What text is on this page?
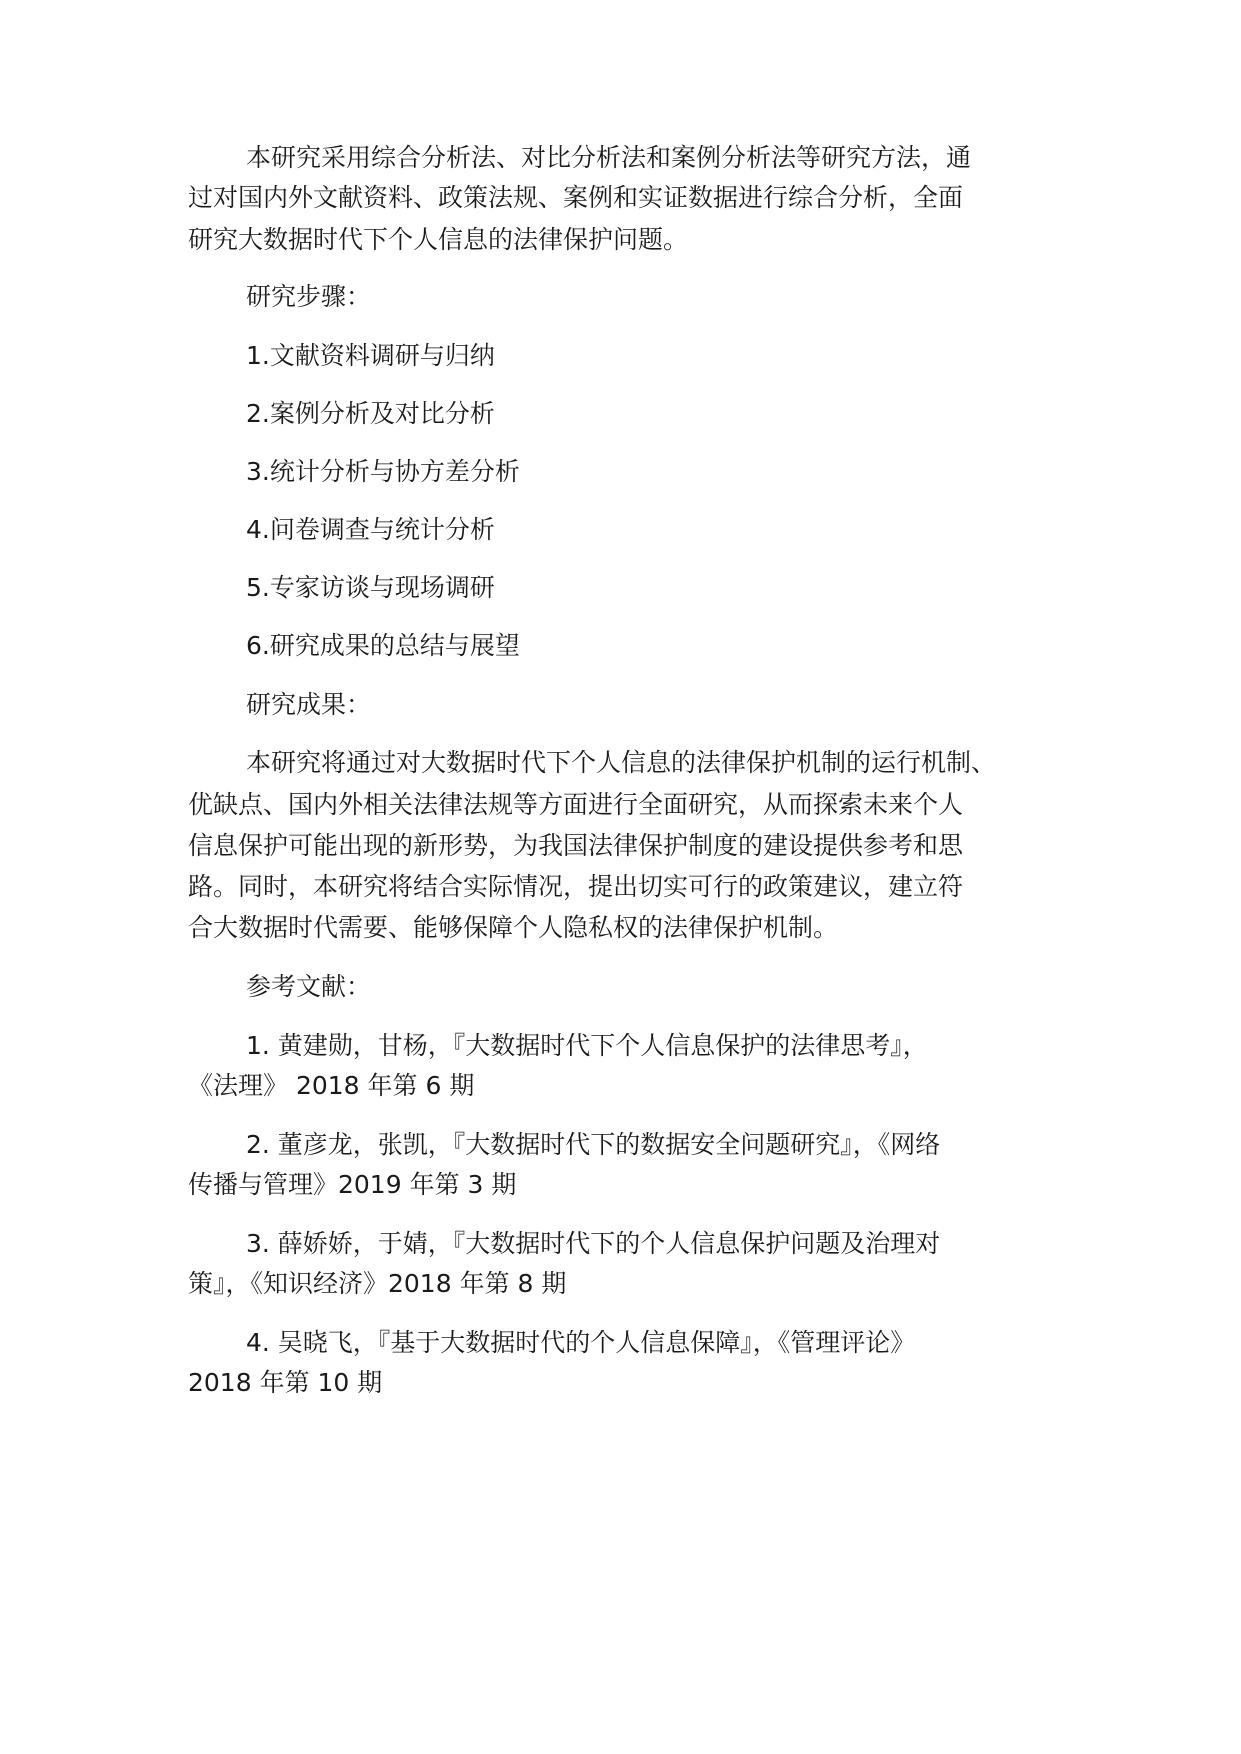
本研究采用综合分析法、对比分析法和案例分析法等研究方法，通

过对国内外文献资料、政策法规、案例和实证数据进行综合分析，全面

研究大数据时代下个人信息的法律保护问题。

研究步骤：

1.文献资料调研与归纳

2.案例分析及对比分析

3.统计分析与协方差分析

4.问卷调查与统计分析

5.专家访谈与现场调研

6.研究成果的总结与展望

研究成果：

本研究将通过对大数据时代下个人信息的法律保护机制的运行机制、

优缺点、国内外相关法律法规等方面进行全面研究，从而探索未来个人

信息保护可能出现的新形势，为我国法律保护制度的建设提供参考和思

路。同时，本研究将结合实际情况，提出切实可行的政策建议，建立符

合大数据时代需要、能够保障个人隐私权的法律保护机制。

参考文献：

1. 黄建勋，甘杨，『大数据时代下个人信息保护的法律思考』，

《法理》 2018 年第 6 期

2. 董彦龙，张凯，『大数据时代下的数据安全问题研究』，《网络

传播与管理》2019 年第 3 期

3. 薛娇娇，于婧，『大数据时代下的个人信息保护问题及治理对

策』，《知识经济》2018 年第 8 期

4. 吴晓飞，『基于大数据时代的个人信息保障』，《管理评论》

2018 年第 10 期
